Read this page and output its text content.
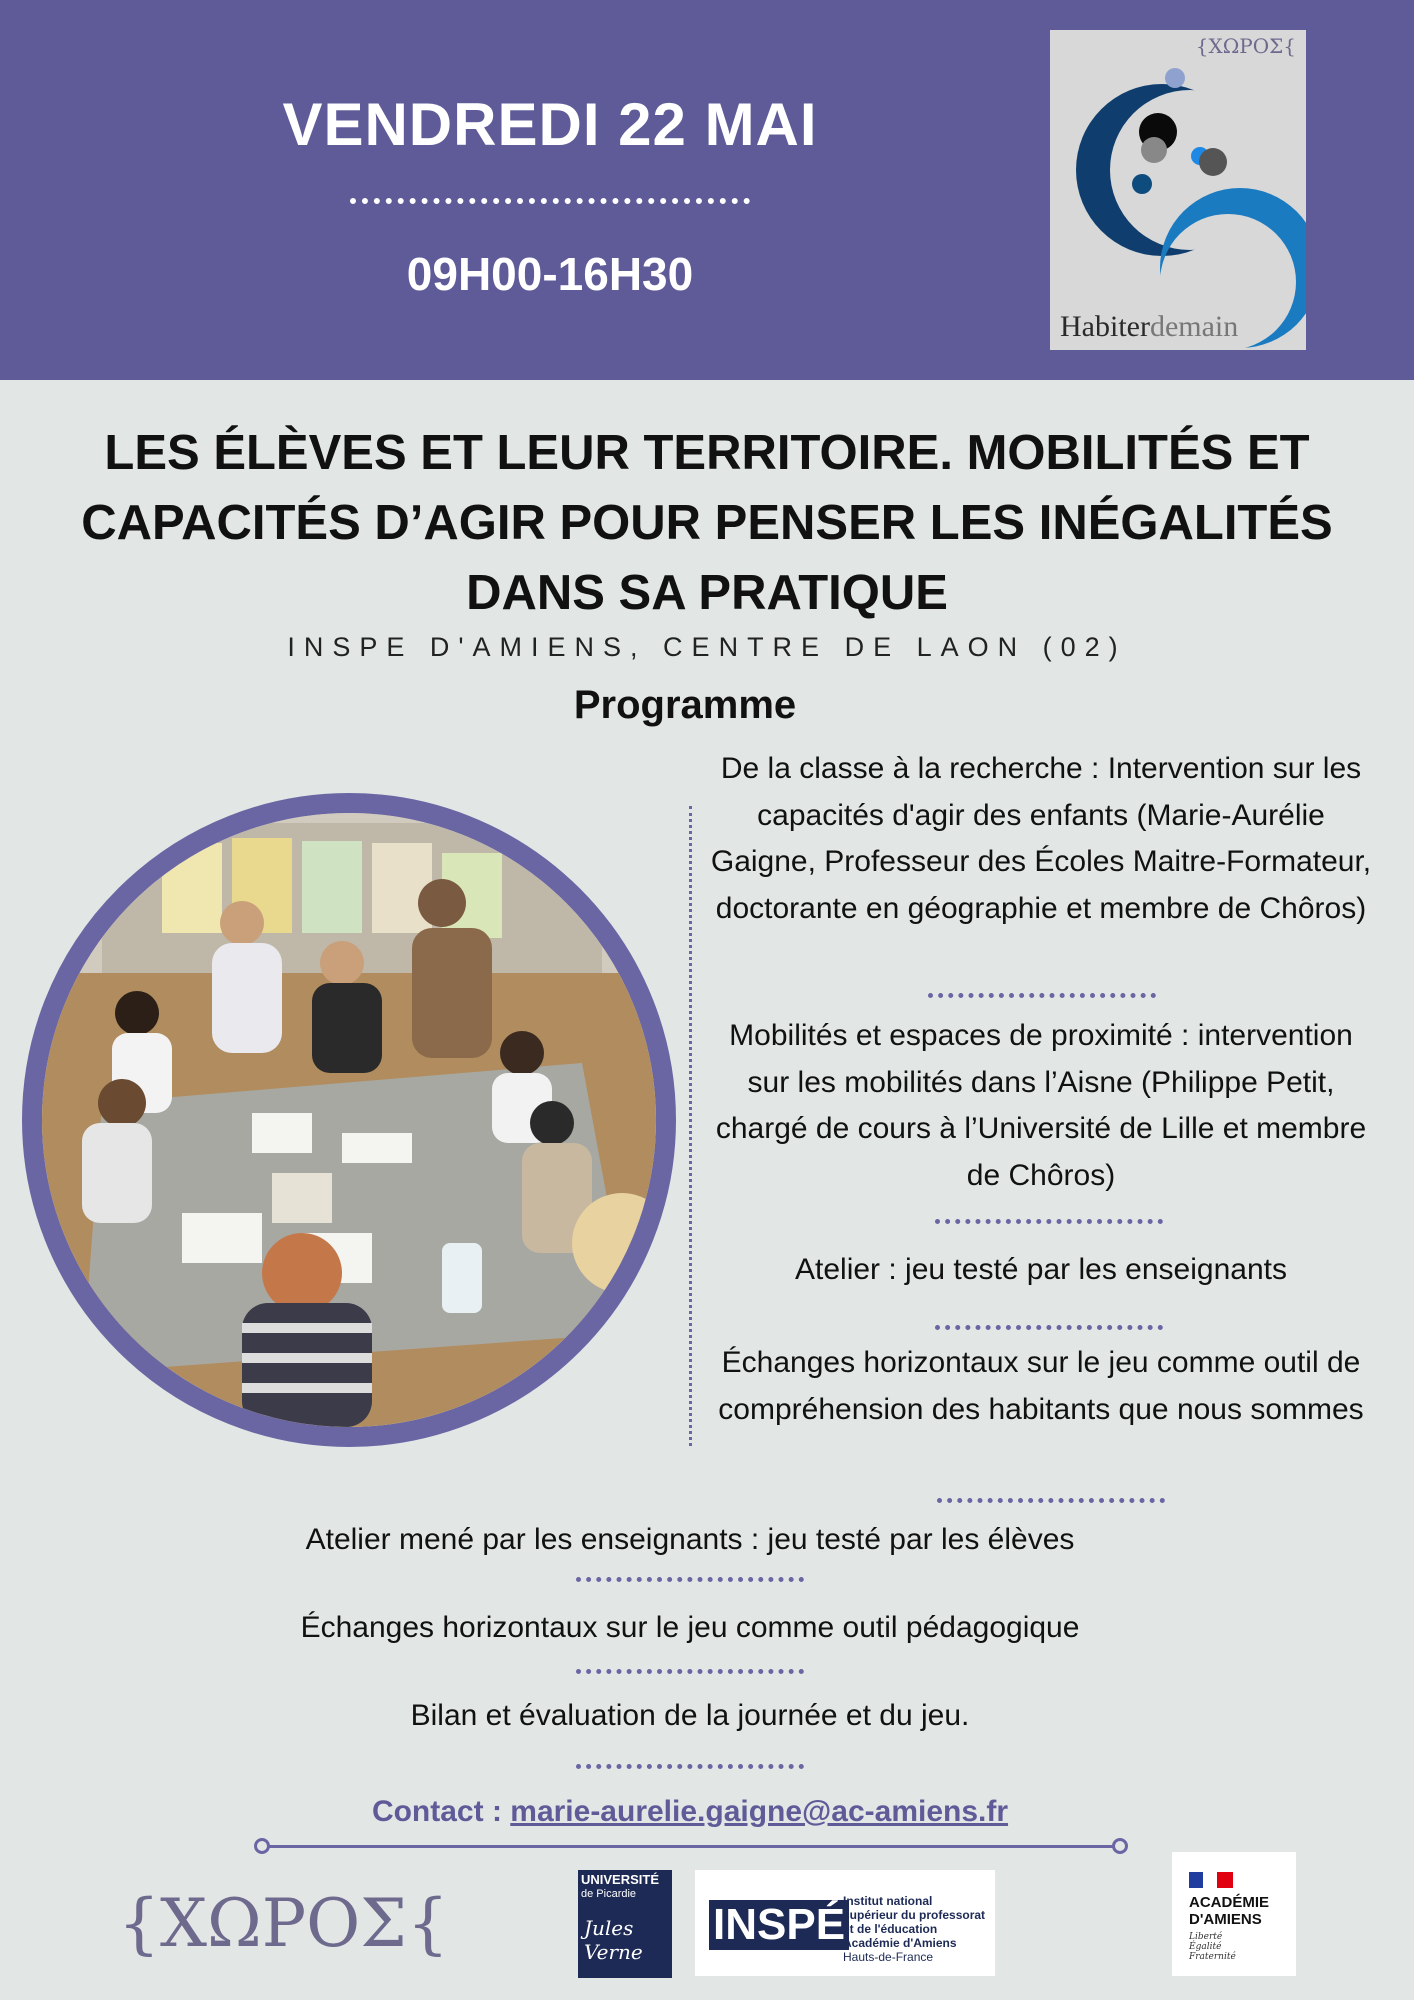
VENDREDI 22 MAI
09H00-16H30
{ΧΩΡΟΣ{
Habiterdemain
LES ÉLÈVES ET LEUR TERRITOIRE. MOBILITÉS ET CAPACITÉS D’AGIR POUR PENSER LES INÉGALITÉS DANS SA PRATIQUE
INSPE D'AMIENS, CENTRE DE LAON (02)
Programme
De la classe à la recherche : Intervention sur les capacités d'agir des enfants (Marie-Aurélie Gaigne, Professeur des Écoles Maitre-Formateur, doctorante en géographie et membre de Chôros)
Mobilités et espaces de proximité : intervention sur les mobilités dans l’Aisne (Philippe Petit, chargé de cours à l’Université de Lille et membre de Chôros)
Atelier : jeu testé par les enseignants
Échanges horizontaux sur le jeu comme outil de compréhension des habitants que nous sommes
Atelier mené par les enseignants : jeu testé par les élèves
Échanges horizontaux sur le jeu comme outil pédagogique
Bilan et évaluation de la journée et du jeu.
Contact : marie-aurelie.gaigne@ac-amiens.fr
{ΧΩΡΟΣ{
UNIVERSITÉ
de Picardie
Jules Verne
INSPÉ
Institut national
supérieur du professorat
et de l'éducation
Académie d'Amiens
Hauts-de-France
ACADÉMIE
D'AMIENS
Liberté
Égalité
Fraternité
